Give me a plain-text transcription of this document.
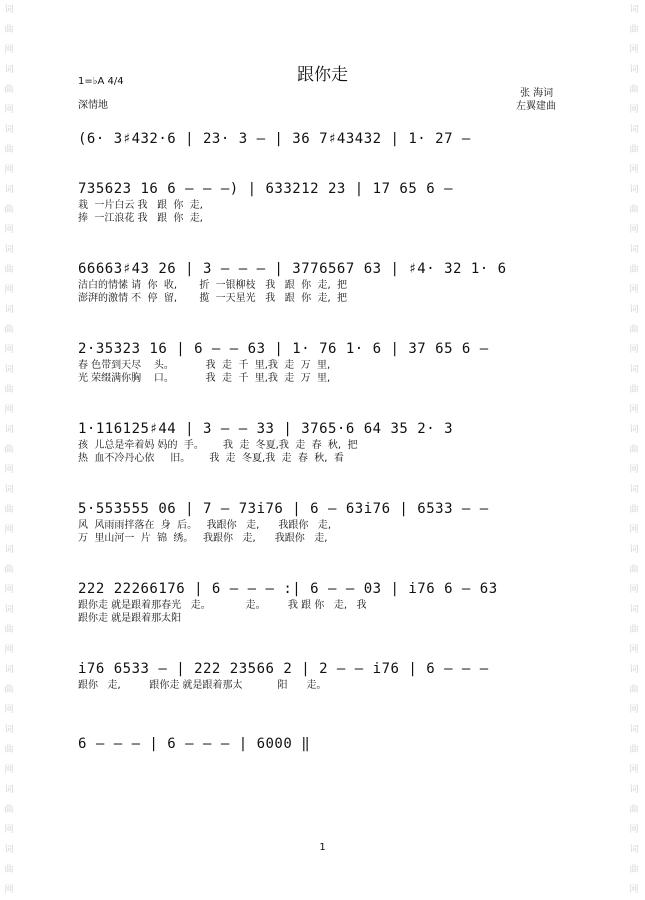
词
曲
网
词
曲
网
词
曲
网
词
曲
网
词
曲
网
词
曲
网
词
曲
网
词
曲
网
词
曲
网
词
曲
网
词
曲
网
词
曲
网
词
曲
网
词
曲
网
词
曲
网
词
曲
网
词
曲
网
词
曲
网
词
曲
网
词
曲
网
词
曲
网
词
曲
网
词
曲
网
词
曲
网
词
曲
网
词
曲
网
词
曲
网
词
曲
网
词
曲
网
词
曲
网
跟你走
1=♭A 4/4
深情地
张 海词
左翼建曲
(6· 3♯432·6 | 23· 3 — | 36 7♯43432 | 1· 27 —
735623 16 6 — — —) | 633212 23 | 17 65 6 —
栽  一片白云 我   跟  你  走,
捧  一江浪花 我   跟  你  走,
66663♯43 26 | 3 — — — | 3776567 63 | ♯4· 32 1· 6
洁白的情愫 请  你  收,       折  一银柳枝   我   跟  你  走,  把
澎湃的激情 不  停  留,       揽  一天星光   我   跟  你  走,  把
2·35323 16 | 6 — — 63 | 1· 76 1· 6 | 37 65 6 —
春 色带到天尽    头。          我  走  千  里,我  走  万  里,
光 荣缀满你胸    口。          我  走  千  里,我  走  万  里,
1·116125♯44 | 3 — — 33 | 3765·6 64 35 2· 3
孩  儿总是牵着妈 妈的  手。      我  走  冬夏,我  走  春  秋,  把
热  血不冷丹心依     旧。      我  走  冬夏,我  走  春  秋,  看
5·553555 06 | 7 — 73i76 | 6 — 63i76 | 6533 — —
风  风雨雨拌落在  身  后。   我跟你   走,      我跟你   走,
万  里山河一  片  锦  绣。   我跟你   走,      我跟你   走,
222 22266176 | 6 — — — :| 6 — — 03 | i76 6 — 63
跟你走 就是跟着那春光   走。           走。       我 跟 你   走,   我
跟你走 就是跟着那太阳
i76 6533 — | 222 23566 2 | 2 — — i76 | 6 — — —
跟你   走,         跟你走 就是跟着那太           阳      走。
6 — — — | 6 — — — | 6000 ‖
1
